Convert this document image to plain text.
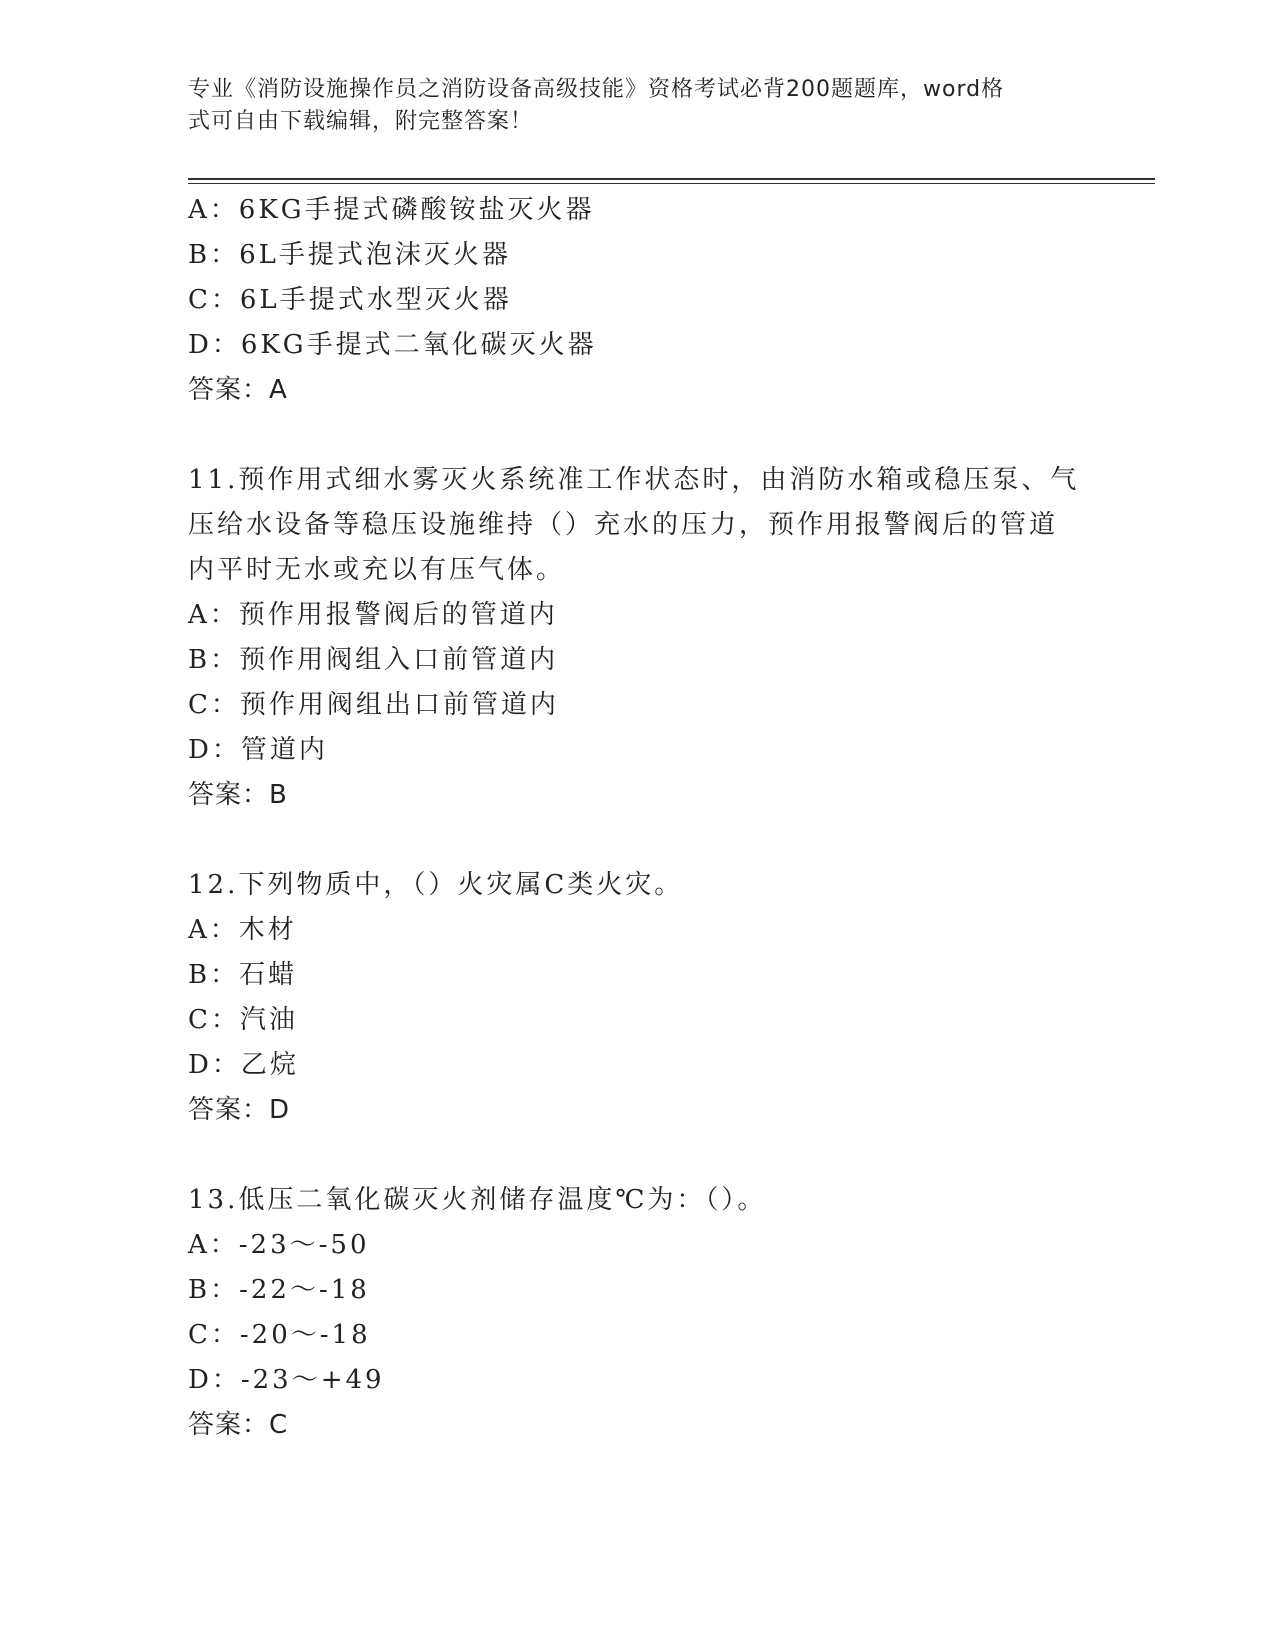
专业《消防设施操作员之消防设备高级技能》资格考试必背200题题库，word格
式可自由下载编辑，附完整答案！
A：6KG手提式磷酸铵盐灭火器
B：6L手提式泡沫灭火器
C：6L手提式水型灭火器
D：6KG手提式二氧化碳灭火器
答案：A
11.预作用式细水雾灭火系统准工作状态时，由消防水箱或稳压泵、气
压给水设备等稳压设施维持（）充水的压力，预作用报警阀后的管道
内平时无水或充以有压气体。
A：预作用报警阀后的管道内
B：预作用阀组入口前管道内
C：预作用阀组出口前管道内
D：管道内
答案：B
12.下列物质中，（）火灾属C类火灾。
A：木材
B：石蜡
C：汽油
D：乙烷
答案：D
13.低压二氧化碳灭火剂储存温度℃为：（）。
A：-23～-50
B：-22～-18
C：-20～-18
D：-23～+49
答案：C
